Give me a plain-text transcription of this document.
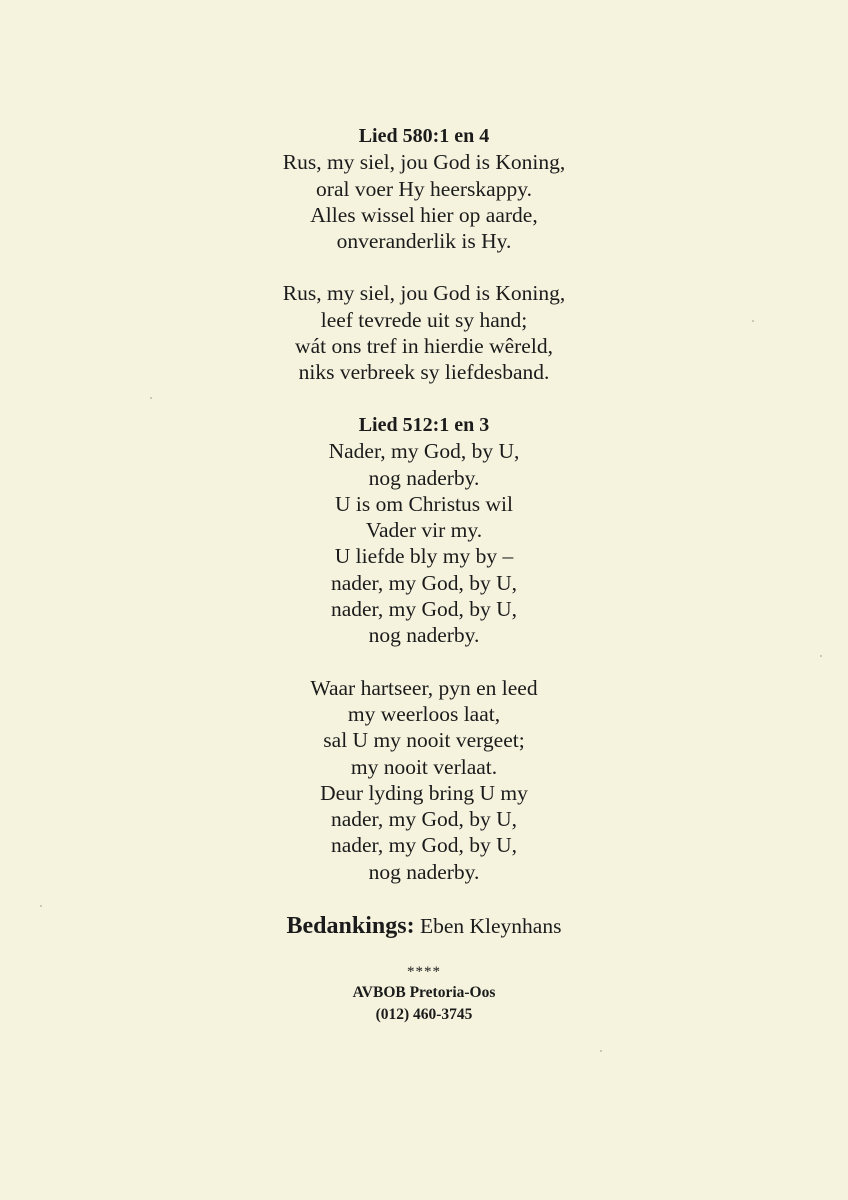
Lied 580:1 en 4
Rus, my siel, jou God is Koning,
oral voer Hy heerskappy.
Alles wissel hier op aarde,
onveranderlik is Hy.
Rus, my siel, jou God is Koning,
leef tevrede uit sy hand;
wát ons tref in hierdie wêreld,
niks verbreek sy liefdesband.
Lied 512:1 en 3
Nader, my God, by U,
nog naderby.
U is om Christus wil
Vader vir my.
U liefde bly my by –
nader, my God, by U,
nader, my God, by U,
nog naderby.
Waar hartseer, pyn en leed
my weerloos laat,
sal U my nooit vergeet;
my nooit verlaat.
Deur lyding bring U my
nader, my God, by U,
nader, my God, by U,
nog naderby.
Bedankings: Eben Kleynhans
****
AVBOB Pretoria-Oos
(012) 460-3745
